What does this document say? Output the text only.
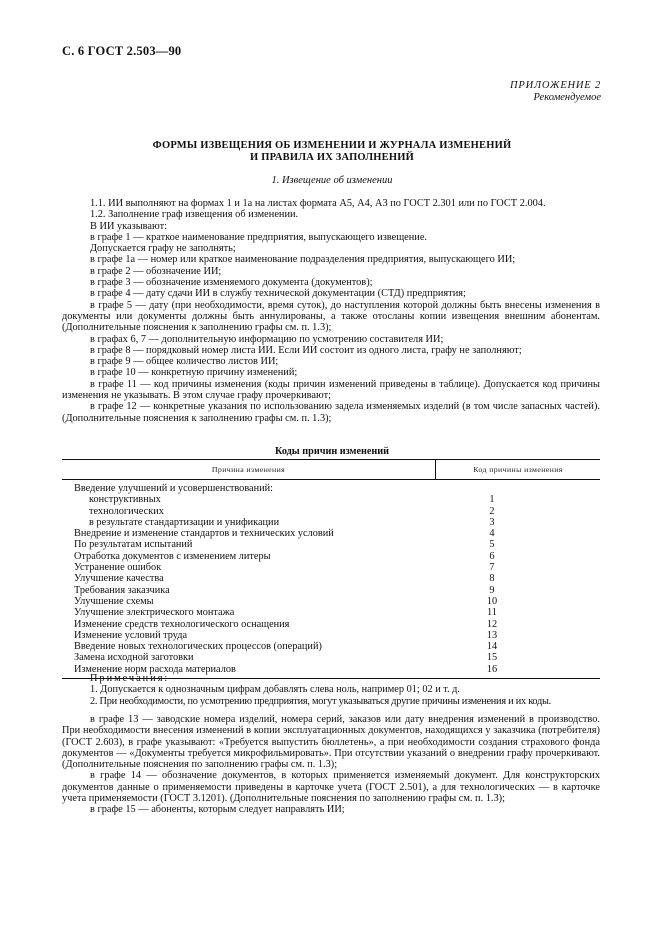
С. 6 ГОСТ 2.503—90
ПРИЛОЖЕНИЕ 2
Рекомендуемое
ФОРМЫ ИЗВЕЩЕНИЯ ОБ ИЗМЕНЕНИИ И ЖУРНАЛА ИЗМЕНЕНИЙ
И ПРАВИЛА ИХ ЗАПОЛНЕНИЙ
1. Извещение об изменении

1.1. ИИ выполняют на формах 1 и 1а на листах формата А5, А4, А3 по ГОСТ 2.301 или по ГОСТ 2.004.

1.2. Заполнение граф извещения об изменении.

В ИИ указывают:

в графе 1 — краткое наименование предприятия, выпускающего извещение.

Допускается графу не заполнять;

в графе 1а — номер или краткое наименование подразделения предприятия, выпускающего ИИ;

в графе 2 — обозначение ИИ;

в графе 3 — обозначение изменяемого документа (документов);

в графе 4 — дату сдачи ИИ в службу технической документации (СТД) предприятия;

в графе 5 — дату (при необходимости, время суток), до наступления которой должны быть внесены изменения в документы или документы должны быть аннулированы, а также отосланы копии извещения внешним абонентам. (Дополнительные пояснения к заполнению графы см. п. 1.3);

в графах 6, 7 — дополнительную информацию по усмотрению составителя ИИ;

в графе 8 — порядковый номер листа ИИ. Если ИИ состоит из одного листа, графу не заполняют;

в графе 9 — общее количество листов ИИ;

в графе 10 — конкретную причину изменений;

в графе 11 — код причины изменения (коды причин изменений приведены в таблице). Допускается код причины изменения не указывать. В этом случае графу прочеркивают;

в графе 12 — конкретные указания по использованию задела изменяемых изделий (в том числе запасных частей). (Дополнительные пояснения к заполнению графы см. п. 1.3);

Коды причин изменений
Причина изменения	Код причины изменения
Введение улучшений и усовершенствований:
конструктивных	1
технологических	2
в результате стандартизации и унификации	3
Внедрение и изменение стандартов и технических условий	4
По результатам испытаний	5
Отработка документов с изменением литеры	6
Устранение ошибок	7
Улучшение качества	8
Требования заказчика	9
Улучшение схемы	10
Улучшение электрического монтажа	11
Изменение средств технологического оснащения	12
Изменение условий труда	13
Введение новых технологических процессов (операций)	14
Замена исходной заготовки	15
Изменение норм расхода материалов	16

Примечания:

1. Допускается к однозначным цифрам добавлять слева ноль, например 01; 02 и т. д.

2. При необходимости, по усмотрению предприятия, могут указываться другие причины изменения и их коды.

в графе 13 — заводские номера изделий, номера серий, заказов или дату внедрения изменений в производство. При необходимости внесения изменений в копии эксплуатационных документов, находящихся у заказчика (потребителя) (ГОСТ 2.603), в графе указывают: «Требуется выпустить бюллетень», а при необходимости создания страхового фонда документов — «Документы требуется микрофильмировать». При отсутствии указаний о внедрении графу прочеркивают. (Дополнительные пояснения по заполнению графы см. п. 1.3);

в графе 14 — обозначение документов, в которых применяется изменяемый документ. Для конструкторских документов данные о применяемости приведены в карточке учета (ГОСТ 2.501), а для технологических — в карточке учета применяемости (ГОСТ 3.1201). (Дополнительные пояснения по заполнению графы см. п. 1.3);

в графе 15 — абоненты, которым следует направлять ИИ;
